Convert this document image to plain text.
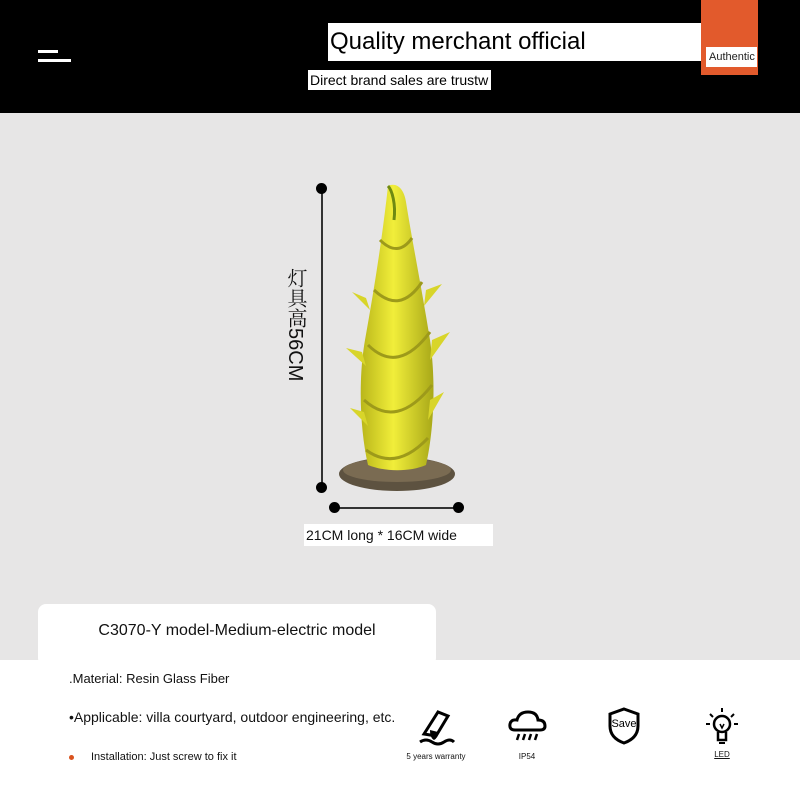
Quality merchant official
Authentic
Direct brand sales are trustw
灯具高56CM
21CM long * 16CM wide
C3070-Y model-Medium-electric model
.Material: Resin Glass Fiber
•Applicable: villa courtyard, outdoor engineering, etc.
Installation: Just screw to fix it	5 years warranty	IP54
Save
LED
